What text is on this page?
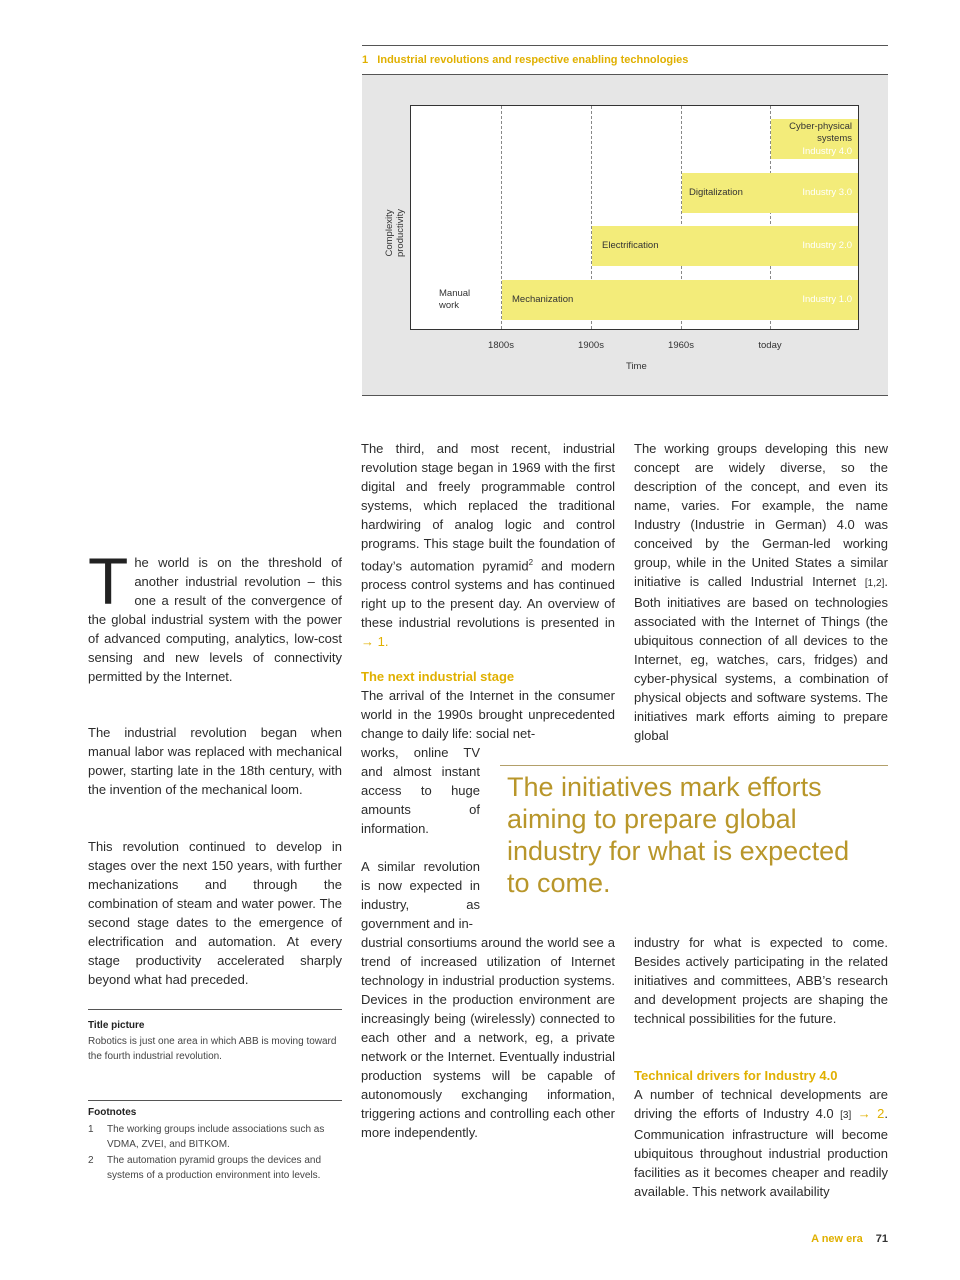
1 Industrial revolutions and respective enabling technologies
Manual
work
Mechanization
Electrification
Digitalization
Cyber-physical
systems
Industry 1.0
Industry 2.0
Industry 3.0
Industry 4.0
Complexity productivity
1800s	1900s	1960s	today
Time

The world is on the threshold of another industrial revolution – this one a result of the convergence of the global industrial system with the power of advanced computing, analytics, low-cost sensing and new levels of connectivity permitted by the Internet.

The industrial revolution began when manual labor was replaced with mechanical power, starting late in the 18th century, with the invention of the mechanical loom.
This revolution continued to develop in stages over the next 150 years, with further mechanizations and through the combination of steam and water power. The second stage dates to the emergence of electrification and automation. At every stage productivity accelerated sharply beyond what had preceded.
Title picture
Robotics is just one area in which ABB is moving toward the fourth industrial revolution.
Footnotes
1 The working groups include associations such as VDMA, ZVEI, and BITKOM.
2 The automation pyramid groups the devices and systems of a production environment into levels.

The third, and most recent, industrial revolution stage began in 1969 with the first digital and freely programmable control systems, which replaced the traditional hardwiring of analog logic and control programs. This stage built the foundation of today’s automation pyramid$^2$ and modern process control systems and has continued right up to the present day. An overview of these industrial revolutions is presented in → 1.

The next industrial stage
The arrival of the Internet in the consumer world in the 1990s brought unprecedented change to daily life: social net-
works, online TV and almost instant access to huge amounts of information.
A similar revolution is now expected in industry, as government and in-
dustrial consortiums around the world see a trend of increased utilization of Internet technology in industrial production systems. Devices in the production environment are increasingly being (wirelessly) connected to each other and a network, eg, a private network or the Internet. Eventually industrial production systems will be capable of autonomously exchanging information, triggering actions and controlling each other more independently.

The working groups developing this new concept are widely diverse, so the description of the concept, and even its name, varies. For example, the name Industry (Industrie in German) 4.0 was conceived by the German-led working group, while in the United States a similar initiative is called Industrial Internet [1,2]. Both initiatives are based on technologies associated with the Internet of Things (the ubiquitous connection of all devices to the Internet, eg, watches, cars, fridges) and cyber-physical systems, a combination of physical objects and software systems. The initiatives mark efforts aiming to prepare global

The initiatives mark efforts aiming to prepare global industry for what is expected to come.
industry for what is expected to come. Besides actively participating in the related initiatives and committees, ABB’s research and development projects are shaping the technical possibilities for the future.
Technical drivers for Industry 4.0

A number of technical developments are driving the efforts of Industry 4.0 [3] → 2. Communication infrastructure will become ubiquitous throughout industrial production facilities as it becomes cheaper and readily available. This network availability

A new era 71
